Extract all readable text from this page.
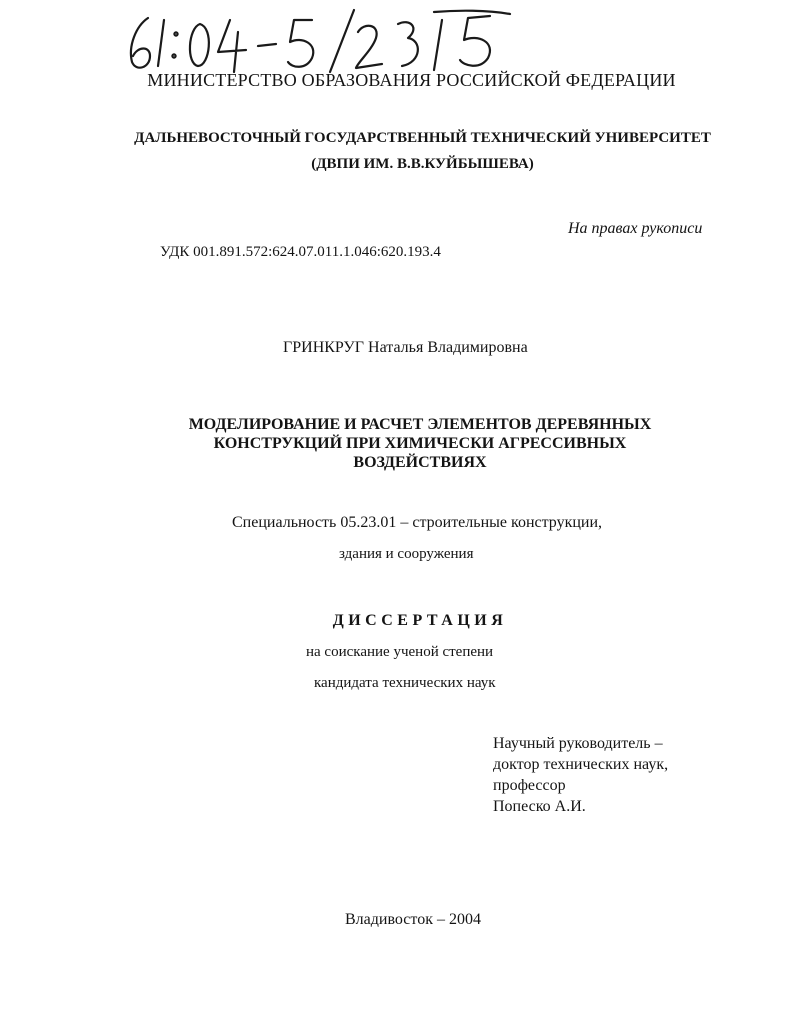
МИНИСТЕРСТВО ОБРАЗОВАНИЯ РОССИЙСКОЙ ФЕДЕРАЦИИ
ДАЛЬНЕВОСТОЧНЫЙ ГОСУДАРСТВЕННЫЙ ТЕХНИЧЕСКИЙ УНИВЕРСИТЕТ
(ДВПИ ИМ. В.В.КУЙБЫШЕВА)
На правах рукописи
УДК 001.891.572:624.07.011.1.046:620.193.4
ГРИНКРУГ Наталья Владимировна
МОДЕЛИРОВАНИЕ И РАСЧЕТ ЭЛЕМЕНТОВ ДЕРЕВЯННЫХ
КОНСТРУКЦИЙ ПРИ ХИМИЧЕСКИ АГРЕССИВНЫХ
ВОЗДЕЙСТВИЯХ
Специальность 05.23.01 – строительные конструкции,
здания и сооружения
ДИССЕРТАЦИЯ
на соискание ученой степени
кандидата технических наук
Научный руководитель –
доктор технических наук,
профессор
Попеско А.И.
Владивосток – 2004
